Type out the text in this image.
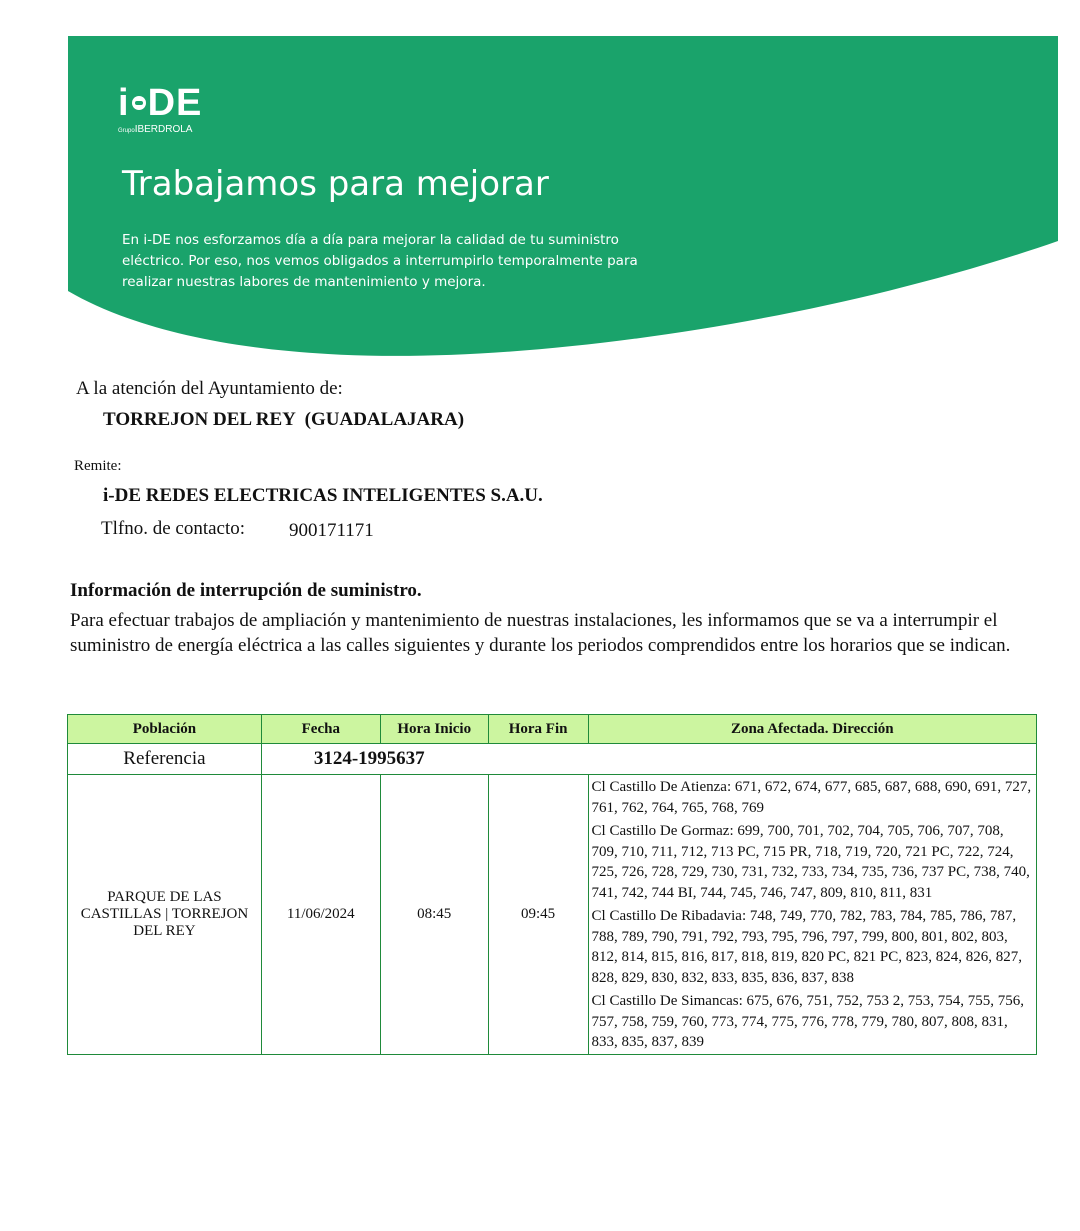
i DE
GrupoIBERDROLA
Trabajamos para mejorar
En i-DE nos esforzamos día a día para mejorar la calidad de tu suministro eléctrico. Por eso, nos vemos obligados a interrumpirlo temporalmente para realizar nuestras labores de mantenimiento y mejora.
A la atención del Ayuntamiento de:
TORREJON DEL REY  (GUADALAJARA)
Remite:
i-DE REDES ELECTRICAS INTELIGENTES S.A.U.
Tlfno. de contacto: 900171171
Información de interrupción de suministro.
Para efectuar trabajos de ampliación y mantenimiento de nuestras instalaciones, les informamos que se va a interrumpir el suministro de energía eléctrica a las calles siguientes y durante los periodos comprendidos entre los horarios que se indican.
Población	Fecha	Hora Inicio	Hora Fin	Zona Afectada. Dirección
Referencia	3124-1995637			
PARQUE DE LAS CASTILLAS | TORREJON DEL REY	11/06/2024	08:45	09:45	Cl Castillo De Atienza: 671, 672, 674, 677, 685, 687, 688, 690, 691, 727, 761, 762, 764, 765, 768, 769
Cl Castillo De Gormaz: 699, 700, 701, 702, 704, 705, 706, 707, 708, 709, 710, 711, 712, 713 PC, 715 PR, 718, 719, 720, 721 PC, 722, 724, 725, 726, 728, 729, 730, 731, 732, 733, 734, 735, 736, 737 PC, 738, 740, 741, 742, 744 BI, 744, 745, 746, 747, 809, 810, 811, 831
Cl Castillo De Ribadavia: 748, 749, 770, 782, 783, 784, 785, 786, 787, 788, 789, 790, 791, 792, 793, 795, 796, 797, 799, 800, 801, 802, 803, 812, 814, 815, 816, 817, 818, 819, 820 PC, 821 PC, 823, 824, 826, 827, 828, 829, 830, 832, 833, 835, 836, 837, 838
Cl Castillo De Simancas: 675, 676, 751, 752, 753 2, 753, 754, 755, 756, 757, 758, 759, 760, 773, 774, 775, 776, 778, 779, 780, 807, 808, 831, 833, 835, 837, 839
